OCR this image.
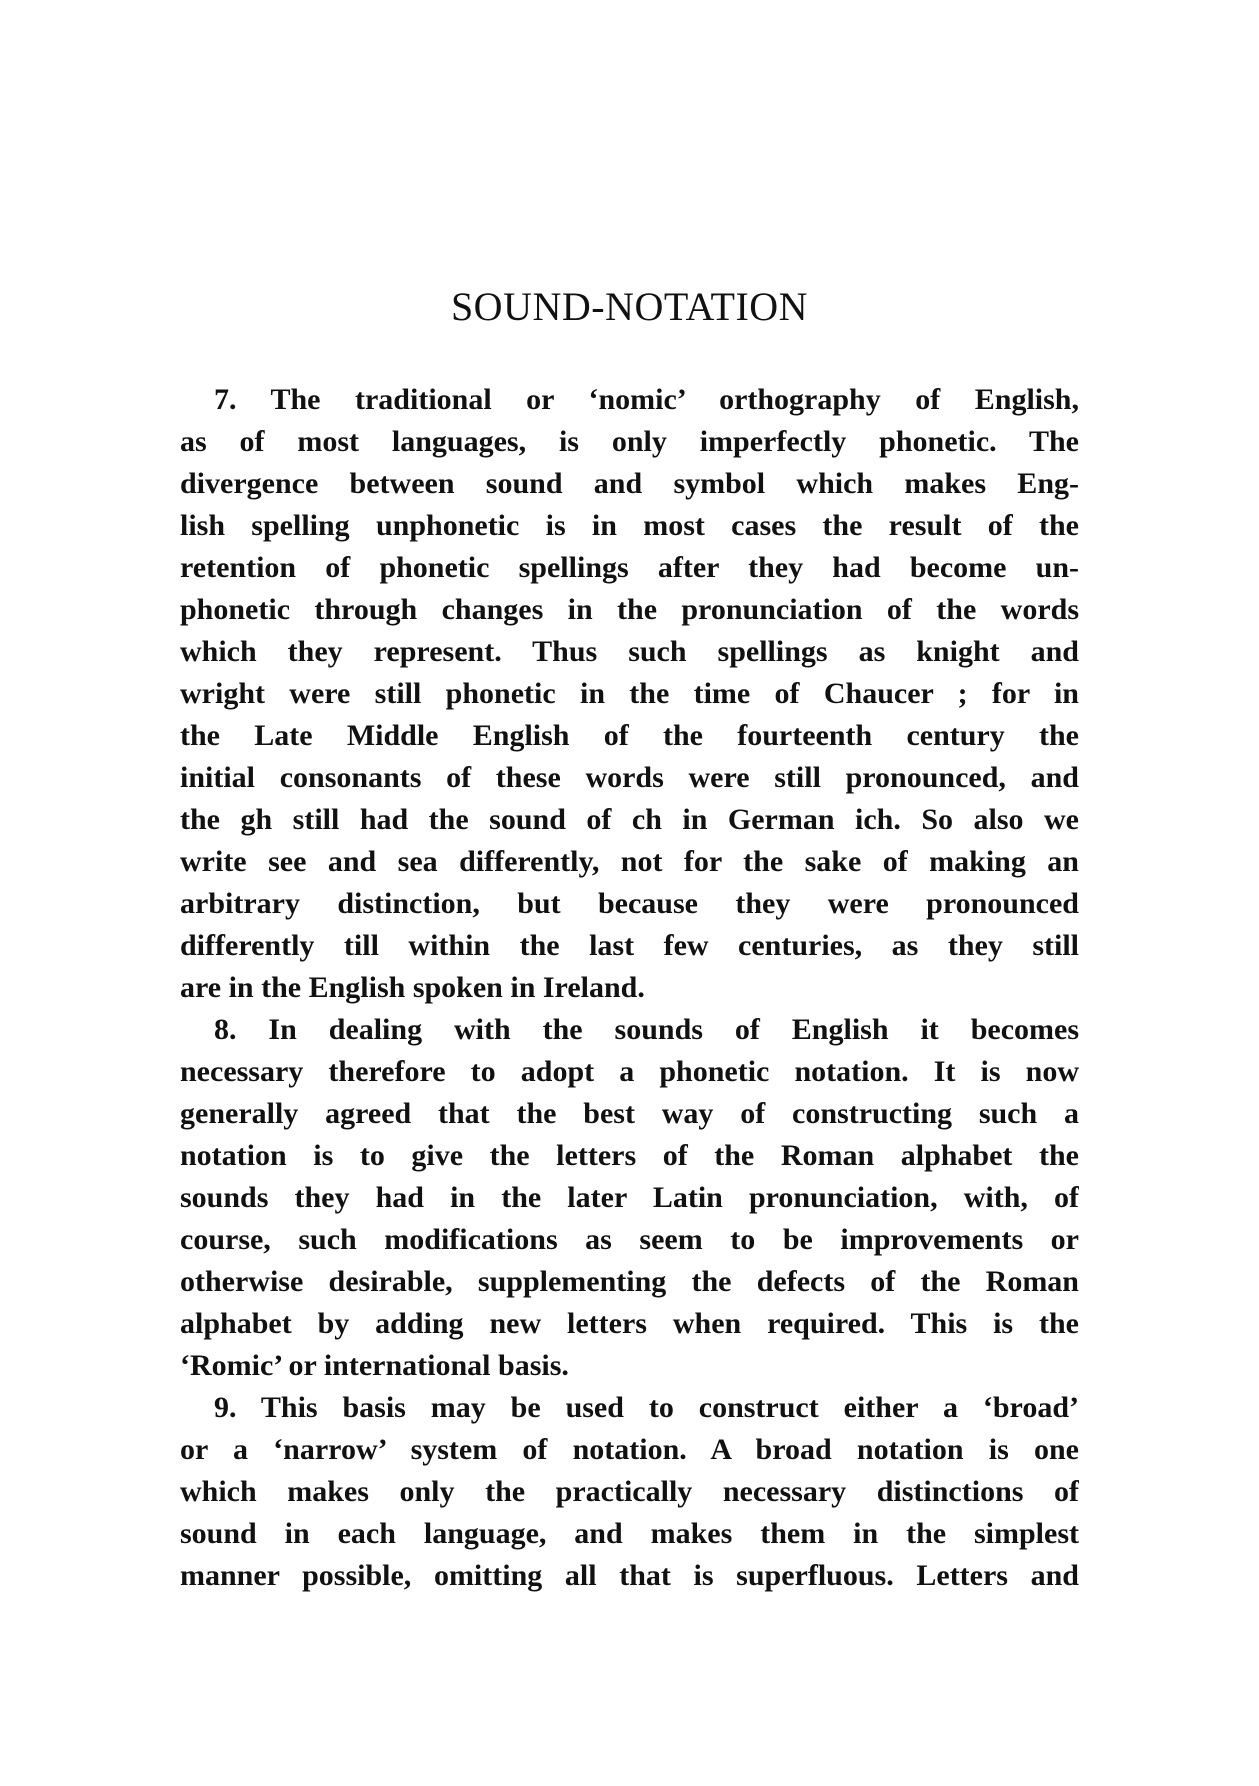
SOUND-NOTATION
7. The traditional or ‘nomic’ orthography of English,
as of most languages, is only imperfectly phonetic. The
divergence between sound and symbol which makes Eng-
lish spelling unphonetic is in most cases the result of the
retention of phonetic spellings after they had become un-
phonetic through changes in the pronunciation of the words
which they represent. Thus such spellings as knight and
wright were still phonetic in the time of Chaucer ; for in
the Late Middle English of the fourteenth century the
initial consonants of these words were still pronounced, and
the gh still had the sound of ch in German ich. So also we
write see and sea differently, not for the sake of making an
arbitrary distinction, but because they were pronounced
differently till within the last few centuries, as they still
are in the English spoken in Ireland.
8. In dealing with the sounds of English it becomes
necessary therefore to adopt a phonetic notation. It is now
generally agreed that the best way of constructing such a
notation is to give the letters of the Roman alphabet the
sounds they had in the later Latin pronunciation, with, of
course, such modifications as seem to be improvements or
otherwise desirable, supplementing the defects of the Roman
alphabet by adding new letters when required. This is the
‘Romic’ or international basis.
9. This basis may be used to construct either a ‘broad’
or a ‘narrow’ system of notation. A broad notation is one
which makes only the practically necessary distinctions of
sound in each language, and makes them in the simplest
manner possible, omitting all that is superfluous. Letters and
